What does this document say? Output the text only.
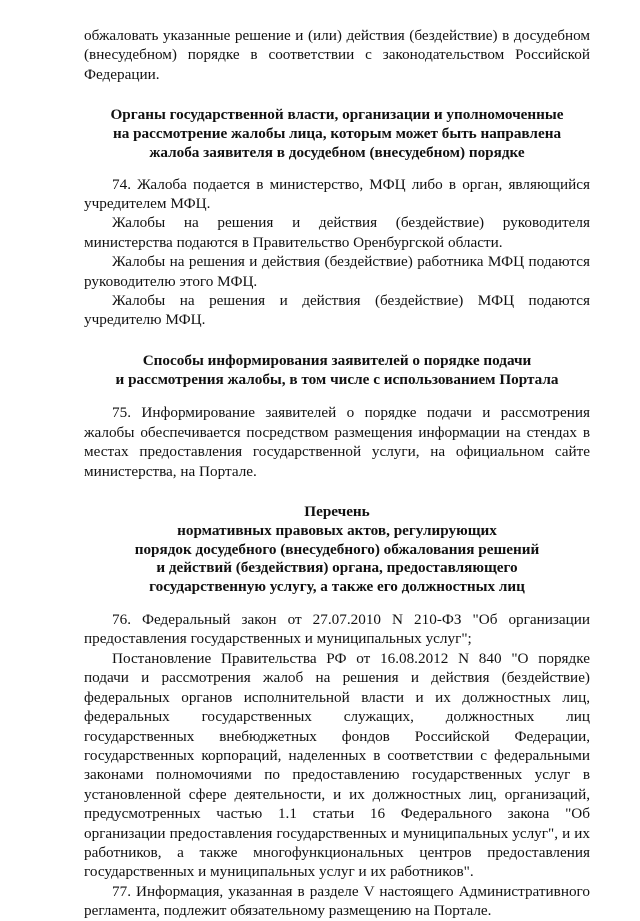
обжаловать указанные решение и (или) действия (бездействие) в досудебном (внесудебном) порядке в соответствии с законодательством Российской Федерации.

Органы государственной власти, организации и уполномоченные
на рассмотрение жалобы лица, которым может быть направлена
жалоба заявителя в досудебном (внесудебном) порядке

74. Жалоба подается в министерство, МФЦ либо в орган, являющийся учредителем МФЦ.

Жалобы на решения и действия (бездействие) руководителя министерства подаются в Правительство Оренбургской области.

Жалобы на решения и действия (бездействие) работника МФЦ подаются руководителю этого МФЦ.

Жалобы на решения и действия (бездействие) МФЦ подаются учредителю МФЦ.

Способы информирования заявителей о порядке подачи
и рассмотрения жалобы, в том числе с использованием Портала

75. Информирование заявителей о порядке подачи и рассмотрения жалобы обеспечивается посредством размещения информации на стендах в местах предоставления государственной услуги, на официальном сайте министерства, на Портале.

Перечень
нормативных правовых актов, регулирующих
порядок досудебного (внесудебного) обжалования решений
и действий (бездействия) органа, предоставляющего
государственную услугу, а также его должностных лиц

76. Федеральный закон от 27.07.2010 N 210-ФЗ "Об организации предоставления государственных и муниципальных услуг";

Постановление Правительства РФ от 16.08.2012 N 840 "О порядке подачи и рассмотрения жалоб на решения и действия (бездействие) федеральных органов исполнительной власти и их должностных лиц, федеральных государственных служащих, должностных лиц государственных внебюджетных фондов Российской Федерации, государственных корпораций, наделенных в соответствии с федеральными законами полномочиями по предоставлению государственных услуг в установленной сфере деятельности, и их должностных лиц, организаций, предусмотренных частью 1.1 статьи 16 Федерального закона "Об организации предоставления государственных и муниципальных услуг", и их работников, а также многофункциональных центров предоставления государственных и муниципальных услуг и их работников".

77. Информация, указанная в разделе V настоящего Административного регламента, подлежит обязательному размещению на Портале.
